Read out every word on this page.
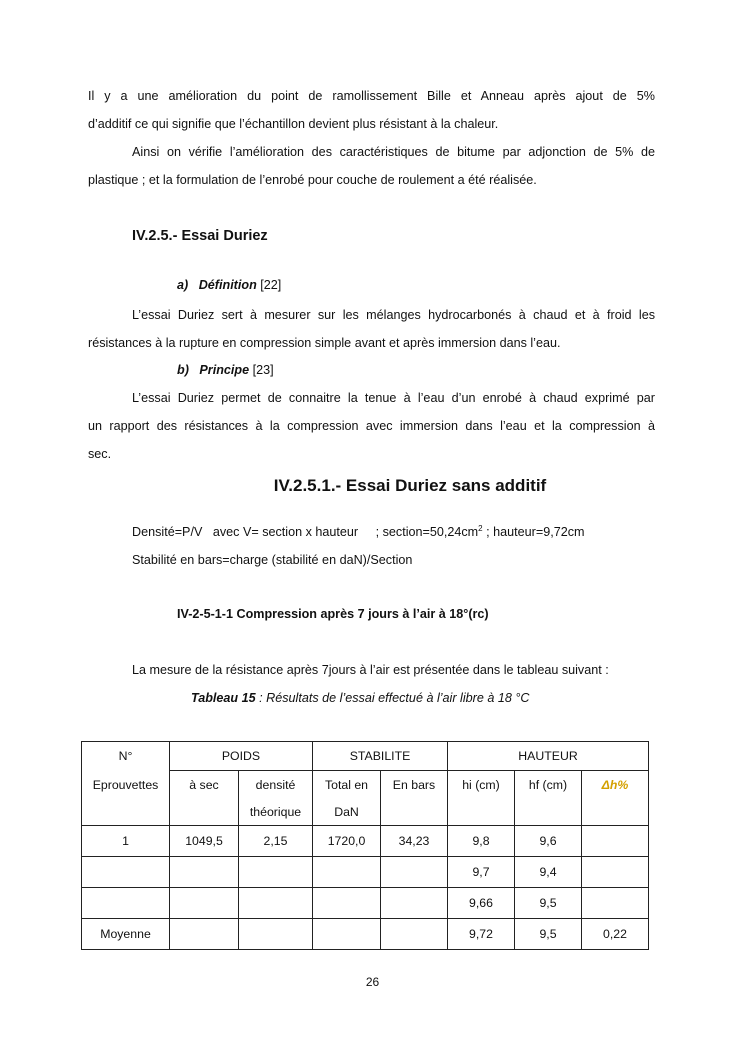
Il y a une amélioration du point de ramollissement Bille et Anneau après ajout de 5%
d’additif ce qui signifie que l’échantillon devient plus résistant à la chaleur.
Ainsi on vérifie l’amélioration des caractéristiques de bitume par adjonction de 5% de
plastique ; et la formulation de l’enrobé pour couche de roulement a été réalisée.
IV.2.5.- Essai Duriez
a) Définition [22]
L’essai Duriez sert à mesurer sur les mélanges hydrocarbonés à chaud et à froid les
résistances à la rupture en compression simple avant et après immersion dans l’eau.
b) Principe [23]
L’essai Duriez permet de connaitre la tenue à l’eau d’un enrobé à chaud exprimé par
un rapport des résistances à la compression avec immersion dans l’eau et la compression à
sec.
IV.2.5.1.- Essai Duriez sans additif
Densité=P/V   avec V= section x hauteur     ; $section=50,24cm^2$ ; hauteur=9,72cm
Stabilité en bars=charge (stabilité en daN)/Section
IV-2-5-1-1 Compression après 7 jours à l’air à 18°(rc)
La mesure de la résistance après 7jours à l’air est présentée dans le tableau suivant :
Tableau 15 : Résultats de l’essai effectué à l’air libre à 18 °C
N°	POIDS		STABILITE		HAUTEUR		
Eprouvettes	à sec	densité	Total en	En bars	hi (cm)	hf (cm)	Δh%
		théorique	DaN				
1	1049,5	2,15	1720,0	34,23	9,8	9,6	
					9,7	9,4	
					9,66	9,5	
Moyenne					9,72	9,5	0,22
26
